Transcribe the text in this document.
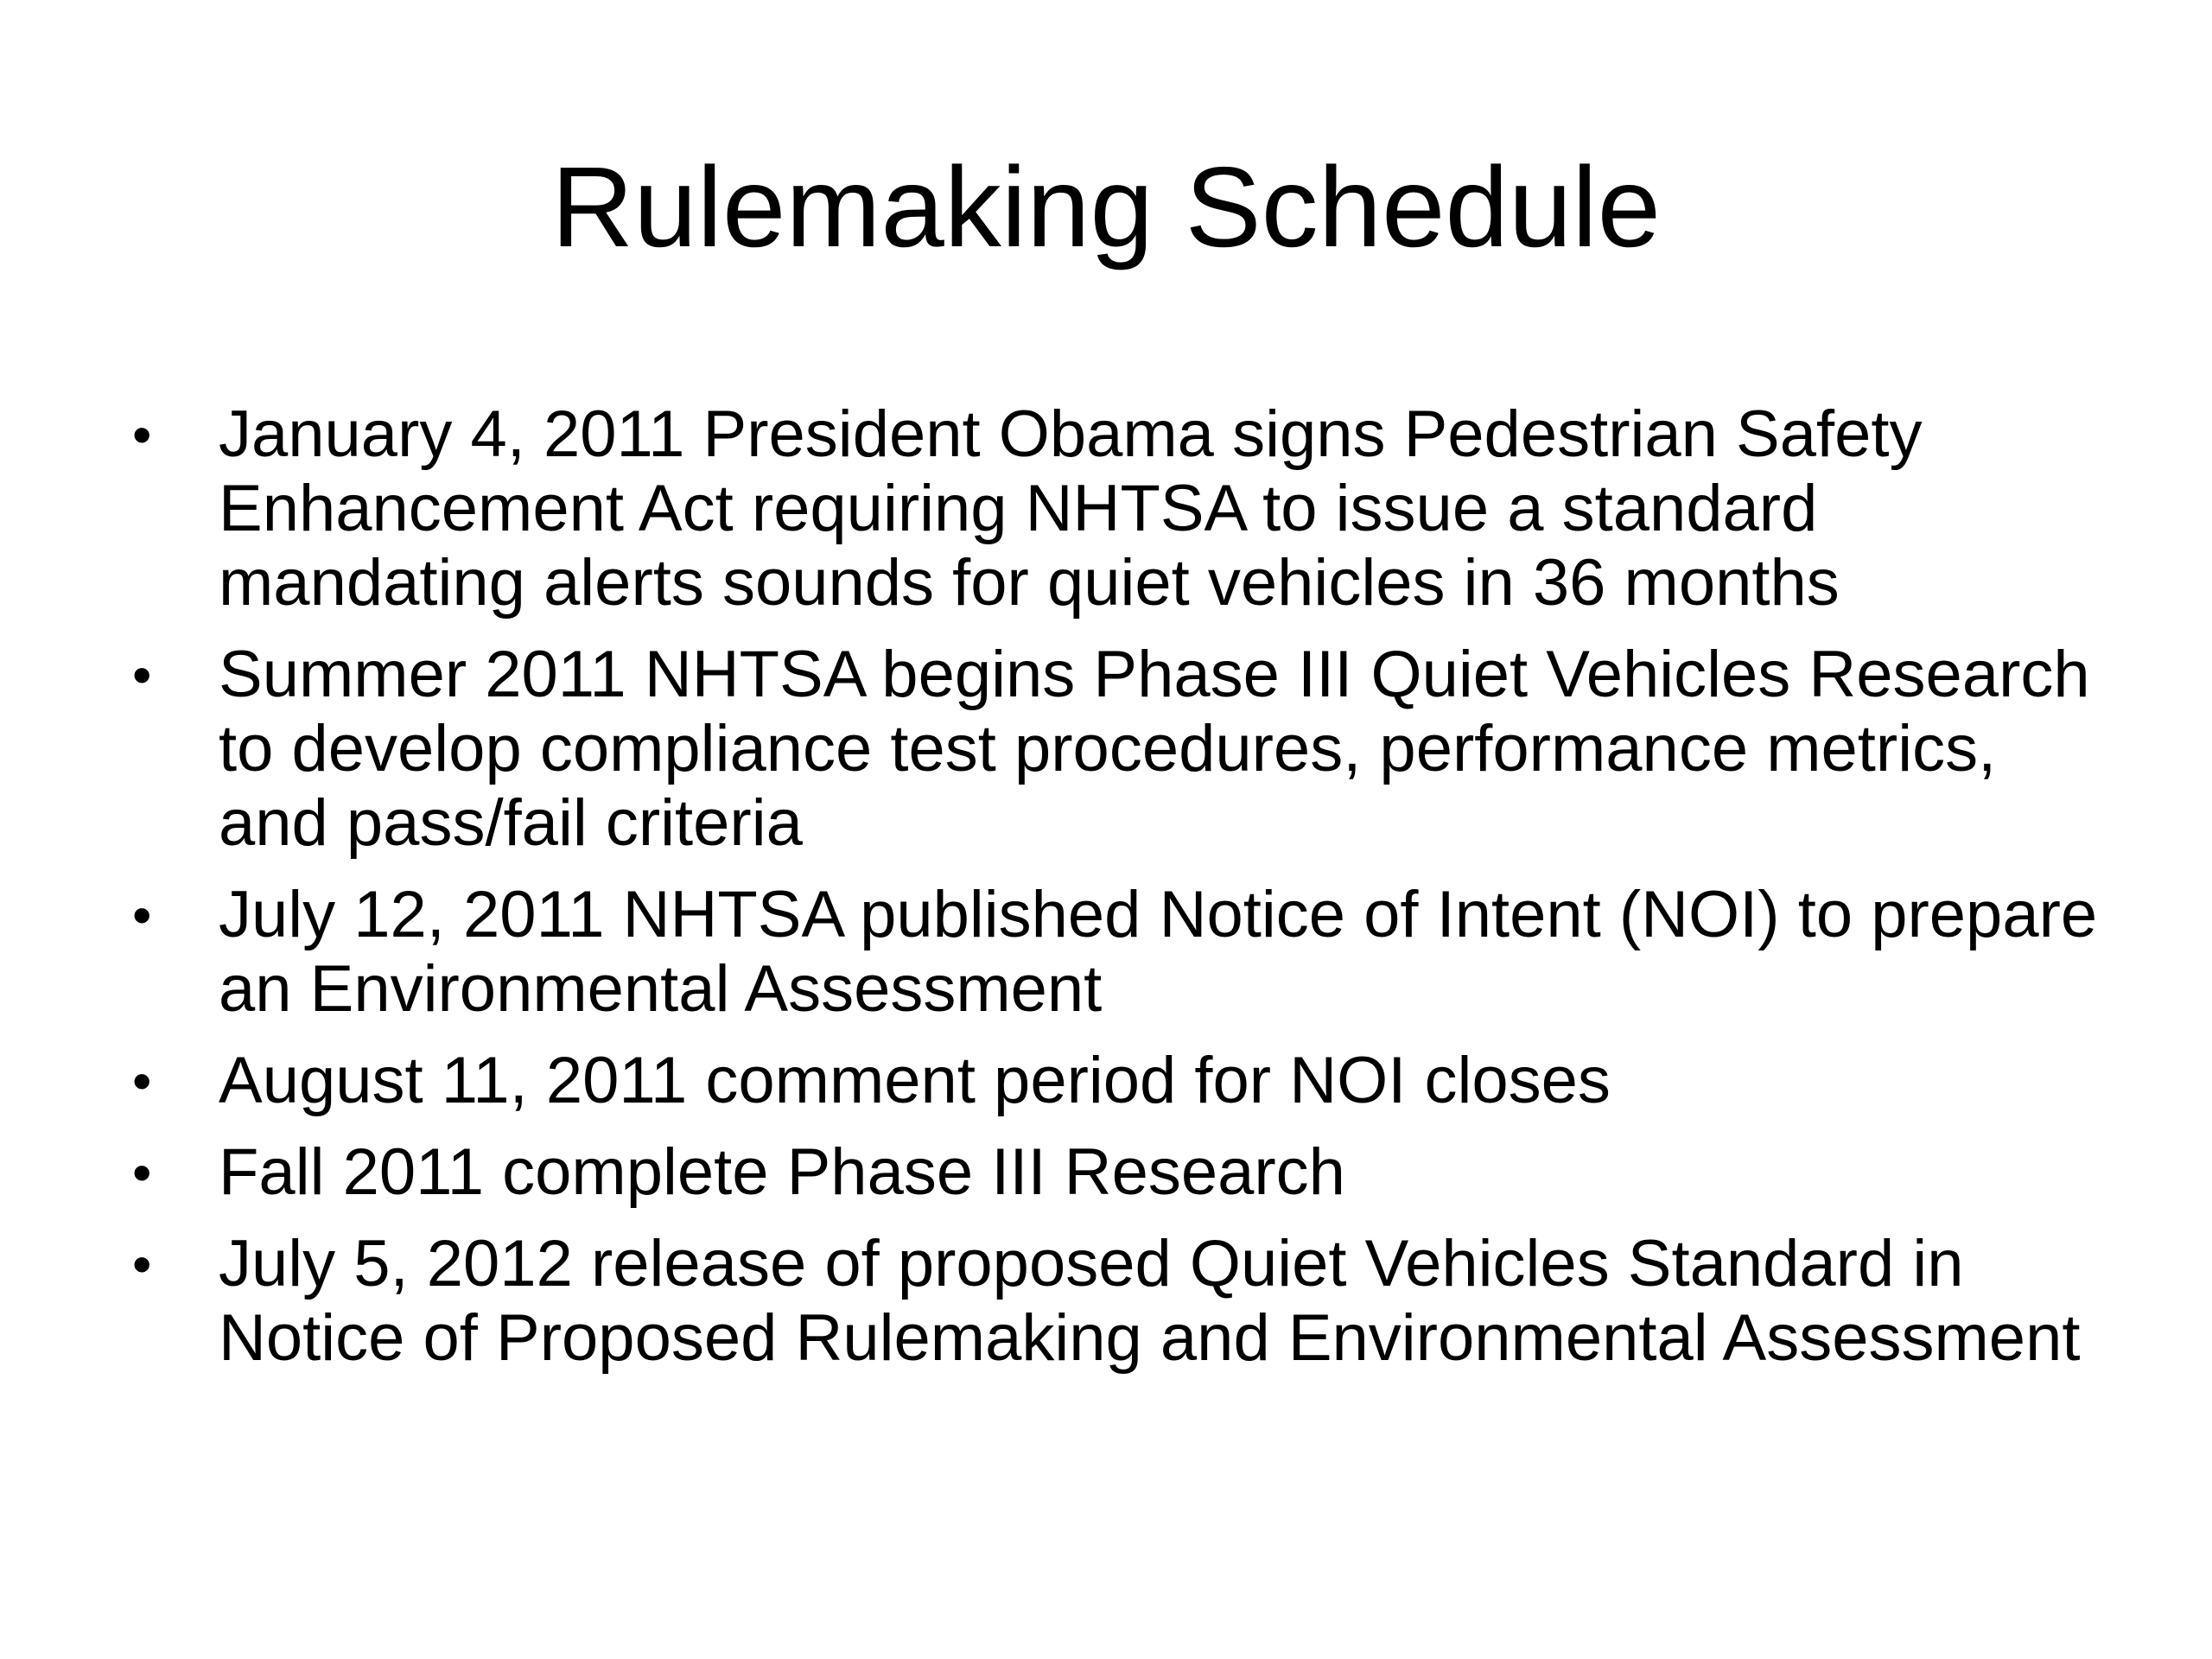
Rulemaking Schedule
• January 4, 2011 President Obama signs Pedestrian Safety Enhancement Act requiring NHTSA to issue a standard mandating alerts sounds for quiet vehicles in 36 months
• Summer 2011 NHTSA begins Phase III Quiet Vehicles Research to develop compliance test procedures, performance metrics, and pass/fail criteria
• July 12, 2011 NHTSA published Notice of Intent (NOI) to prepare an Environmental Assessment
• August 11, 2011 comment period for NOI closes
• Fall 2011 complete Phase III Research
• July 5, 2012 release of proposed Quiet Vehicles Standard in Notice of Proposed Rulemaking and Environmental Assessment
